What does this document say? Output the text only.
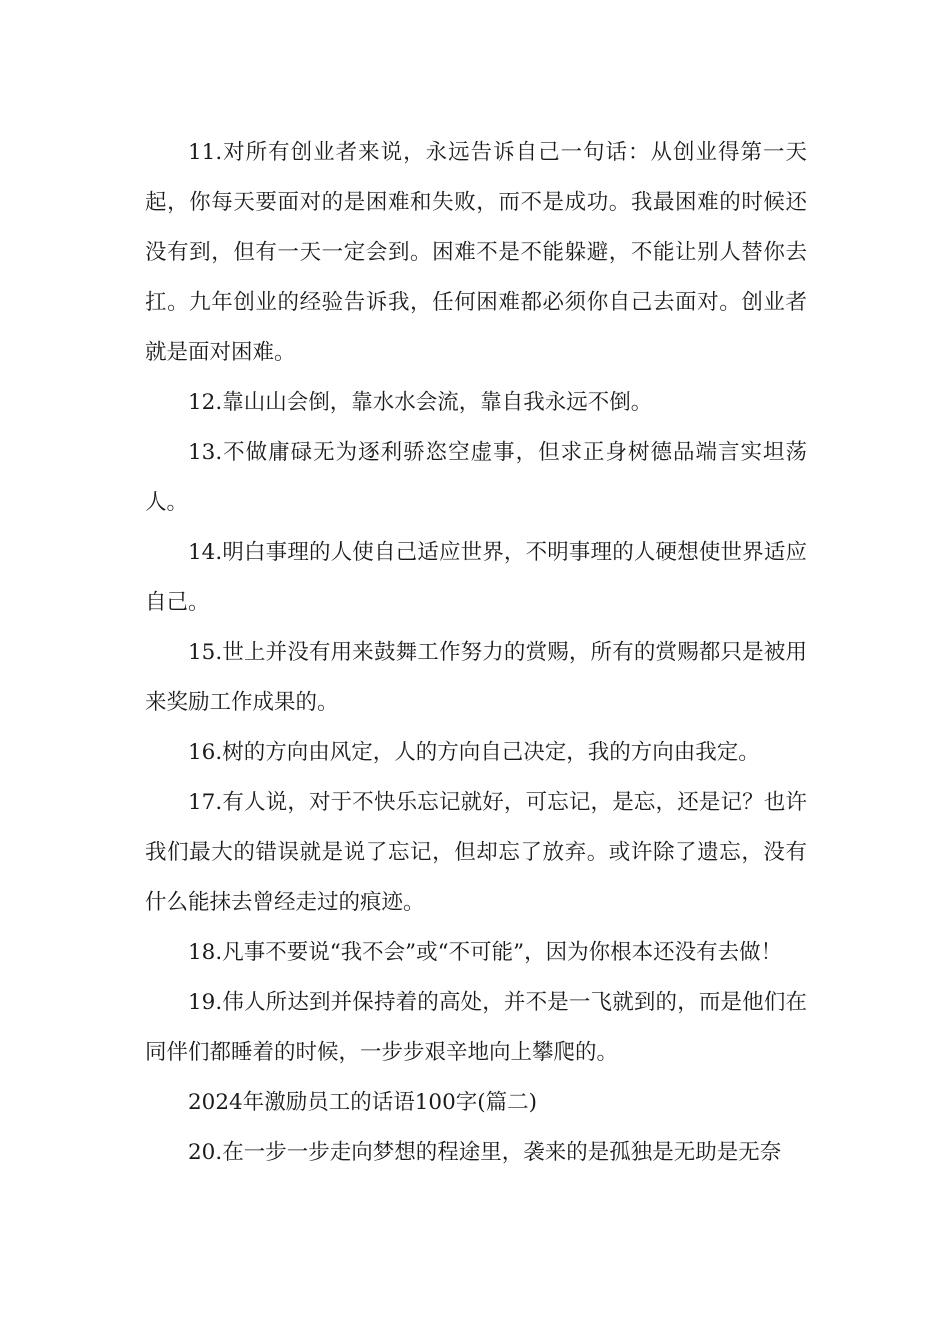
11.对所有创业者来说，永远告诉自己一句话：从创业得第一天起，你每天要面对的是困难和失败，而不是成功。我最困难的时候还没有到，但有一天一定会到。困难不是不能躲避，不能让别人替你去扛。九年创业的经验告诉我，任何困难都必须你自己去面对。创业者就是面对困难。

12.靠山山会倒，靠水水会流，靠自我永远不倒。

13.不做庸碌无为逐利骄恣空虚事，但求正身树德品端言实坦荡人。

14.明白事理的人使自己适应世界，不明事理的人硬想使世界适应自己。

15.世上并没有用来鼓舞工作努力的赏赐，所有的赏赐都只是被用来奖励工作成果的。

16.树的方向由风定，人的方向自己决定，我的方向由我定。

17.有人说，对于不快乐忘记就好，可忘记，是忘，还是记？也许我们最大的错误就是说了忘记，但却忘了放弃。或许除了遗忘，没有什么能抹去曾经走过的痕迹。

18.凡事不要说“我不会”或“不可能”，因为你根本还没有去做！

19.伟人所达到并保持着的高处，并不是一飞就到的，而是他们在同伴们都睡着的时候，一步步艰辛地向上攀爬的。

2024年激励员工的话语100字(篇二)

20.在一步一步走向梦想的程途里，袭来的是孤独是无助是无奈
